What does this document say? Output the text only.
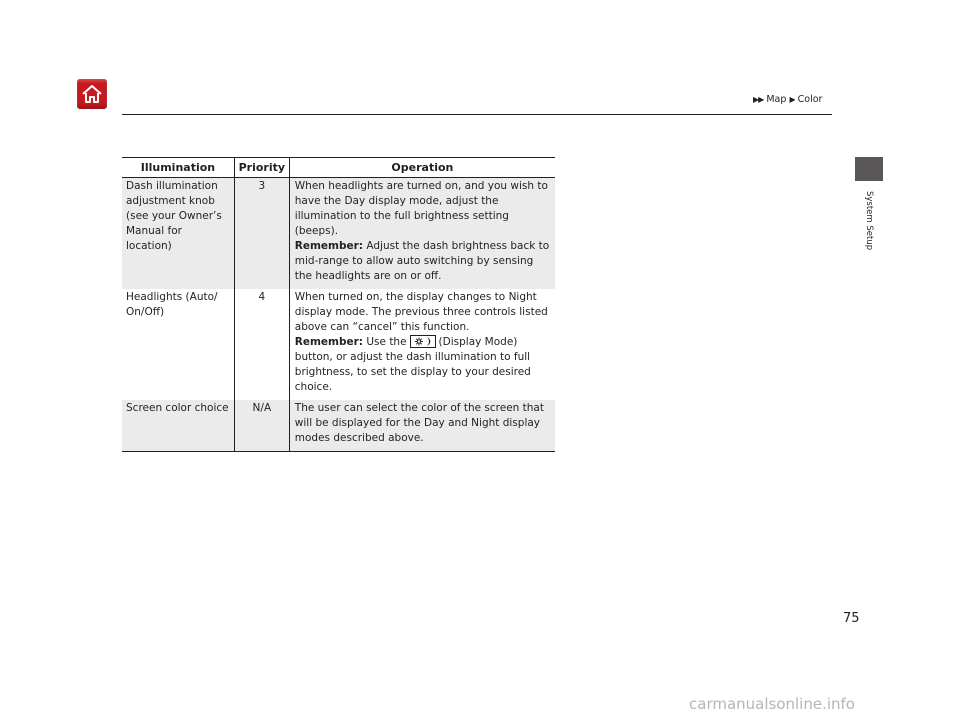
▶▶ Map ▶ Color
System Setup
Illumination	Priority	Operation
Dash illumination adjustment knob (see your Owner’s Manual for location)	3	When headlights are turned on, and you wish to have the Day display mode, adjust the illumination to the full brightness setting (beeps).
Remember: Adjust the dash brightness back to mid-range to allow auto switching by sensing the headlights are on or off.
Headlights (Auto/ On/Off)	4	When turned on, the display changes to Night display mode. The previous three controls listed above can “cancel” this function.
Remember: Use the (Display Mode) button, or adjust the dash illumination to full brightness, to set the display to your desired choice.
Screen color choice	N/A	The user can select the color of the screen that will be displayed for the Day and Night display modes described above.
75
carmanualsonline.info
